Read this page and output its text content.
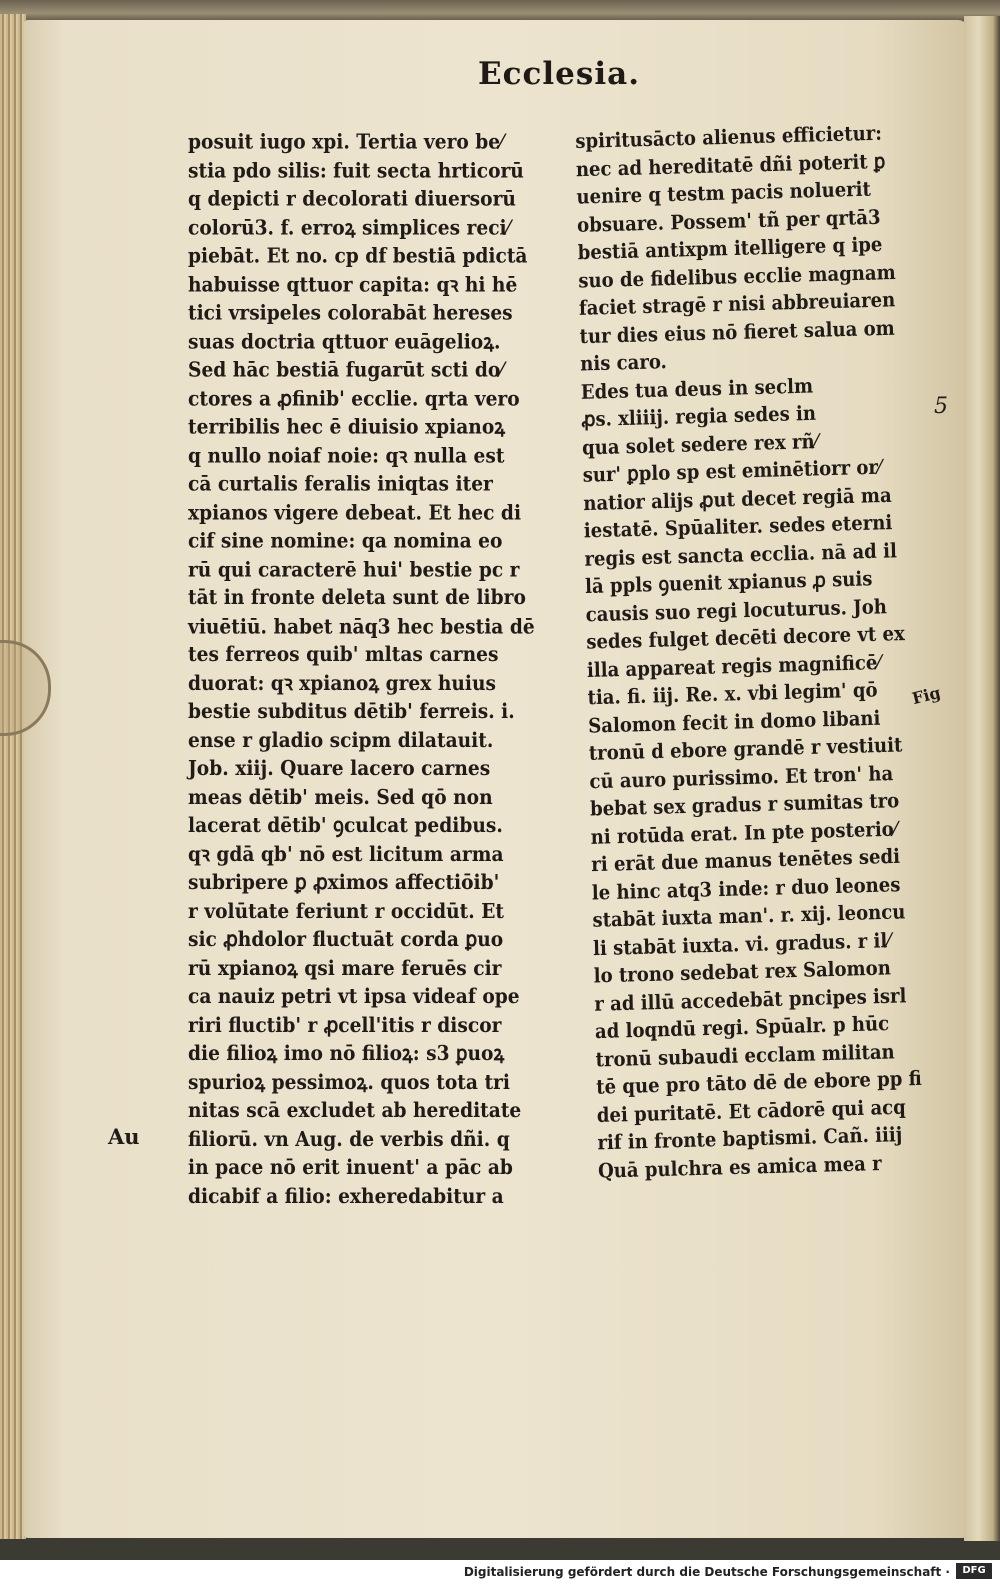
Ecclesia.
posuit iugo xpi. Tertia vero be⁄
stia pdo silis: fuit secta hrticorū
q depicti r decolorati diuersorū
colorū3. f. erroꝝ simplices reci⁄
piebāt. Et no. cp df bestiā pdictā
habuisse qttuor capita: qꝛ hi hē
tici vrsipeles colorabāt hereses
suas doctria qttuor euāgelioꝝ.
Sed hāc bestiā fugarūt scti do⁄
ctores a ꝓfinib' ecclie. qrta vero
terribilis hec ē diuisio xpianoꝝ
q nullo noiaf noie: qꝛ nulla est
cā curtalis feralis iniqtas iter
xpianos vigere debeat. Et hec di
cif sine nomine: qa nomina eo
rū qui caracterē hui' bestie pc r
tāt in fronte deleta sunt de libro
viuētiū. habet nāq3 hec bestia dē
tes ferreos quib' mltas carnes
duorat: qꝛ xpianoꝝ grex huius
bestie subditus dētib' ferreis. i.
ense r gladio scipm dilatauit.
Job. xiij. Quare lacero carnes
meas dētib' meis. Sed qō non
lacerat dētib' ꝯculcat pedibus.
qꝛ gdā qb' nō est licitum arma
subripere ꝑ ꝓximos affectiōib'
r volūtate feriunt r occidūt. Et
sic ꝓhdolor fluctuāt corda ꝑuo
rū xpianoꝝ qsi mare feruēs cir
ca nauiz petri vt ipsa videaf ope
riri fluctib' r ꝓcell'itis r discor
die filioꝝ imo nō filioꝝ: s3 ꝑuoꝝ
spurioꝝ pessimoꝝ. quos tota tri
nitas scā excludet ab hereditate
filiorū. vn Aug. de verbis dñi. q
in pace nō erit inuent' a pāc ab
dicabif a filio: exheredabitur a
spiritusācto alienus efficietur:
nec ad hereditatē dñi poterit ꝑ
uenire q testm pacis noluerit
obsuare. Possem' tñ per qrtā3
bestiā antixpm itelligere q ipe
suo de fidelibus ecclie magnam
faciet stragē r nisi abbreuiaren
tur dies eius nō fieret salua om
nis caro.
Edes tua deus in seclm
ꝓs. xliiij. regia sedes in
qua solet sedere rex rñ⁄
sur' ꝑplo sp est eminētiorr or⁄
natior alijs ꝓut decet regiā ma
iestatē. Spūaliter. sedes eterni
regis est sancta ecclia. nā ad il
lā ppls ꝯuenit xpianus ꝓ suis
causis suo regi locuturus. Joh
sedes fulget decēti decore vt ex
illa appareat regis magnificē⁄
tia. fi. iij. Re. x. vbi legim' qō
Salomon fecit in domo libani
tronū d ebore grandē r vestiuit
cū auro purissimo. Et tron' ha
bebat sex gradus r sumitas tro
ni rotūda erat. In pte posterio⁄
ri erāt due manus tenētes sedi
le hinc atq3 inde: r duo leones
stabāt iuxta man'. r. xij. leoncu
li stabāt iuxta. vi. gradus. r il⁄
lo trono sedebat rex Salomon
r ad illū accedebāt pncipes isrl
ad loqndū regi. Spūalr. p hūc
tronū subaudi ecclam militan
tē que pro tāto dē de ebore pp fi
dei puritatē. Et cādorē qui acq
rif in fronte baptismi. Cañ. iiij
Quā pulchra es amica mea r
Au
5
Fig
Digitalisierung gefördert durch die Deutsche Forschungsgemeinschaft ·	DFG
